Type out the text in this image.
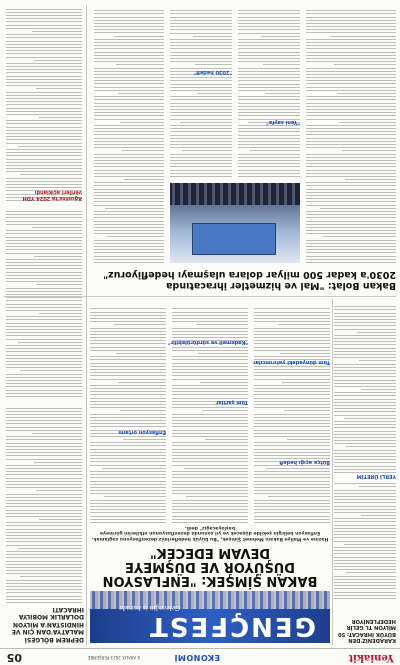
Yeniakit
EKONOMİ
8 ARALIK 2023 PERŞEMBE
05
GENÇFEST
Geleceğin iş burada
DEPREM BÖLGESİ MALATYA'DAN ÇIN VE HINDISTAN'A MILYON DOLARLIK MOBILYA IHRACATI
KARADENİZ'DEN BÜYÜK İHRACAT: 50 MİLYON TL GELİR HEDEFLENİYOR
BAKAN ŞİMŞEK: "ENFLASYON
DÜŞÜYOR VE DÜŞMEYE
DEVAM EDECEK"
Hazine ve Maliye Bakanı Mehmet Şimşek, "Bu büyük hedeflerimiz dezenflasyonu sağlamak. Enflasyon belirgin şekilde düşecek ve yıl sonunda dezenflasyonun etkilerini görmeye başlayacağız" dedi.
Bütçe açığı hedefi
Tüm şartlar
Enflasyon ortamı
"Kademeli ve sürdürülebilir"
Tüm dünyadaki yatırımcılar
YERLİ ÜRETİM
Bakan Bolat: "Mal ve hizmetler ihracatında
2030'a kadar 500 milyar dolara ulaşmayı hedefliyoruz"
"Yeni sayfa"
"2030 hedefi"
Ağustos'ta 2024 YDH verileri açıklandı
